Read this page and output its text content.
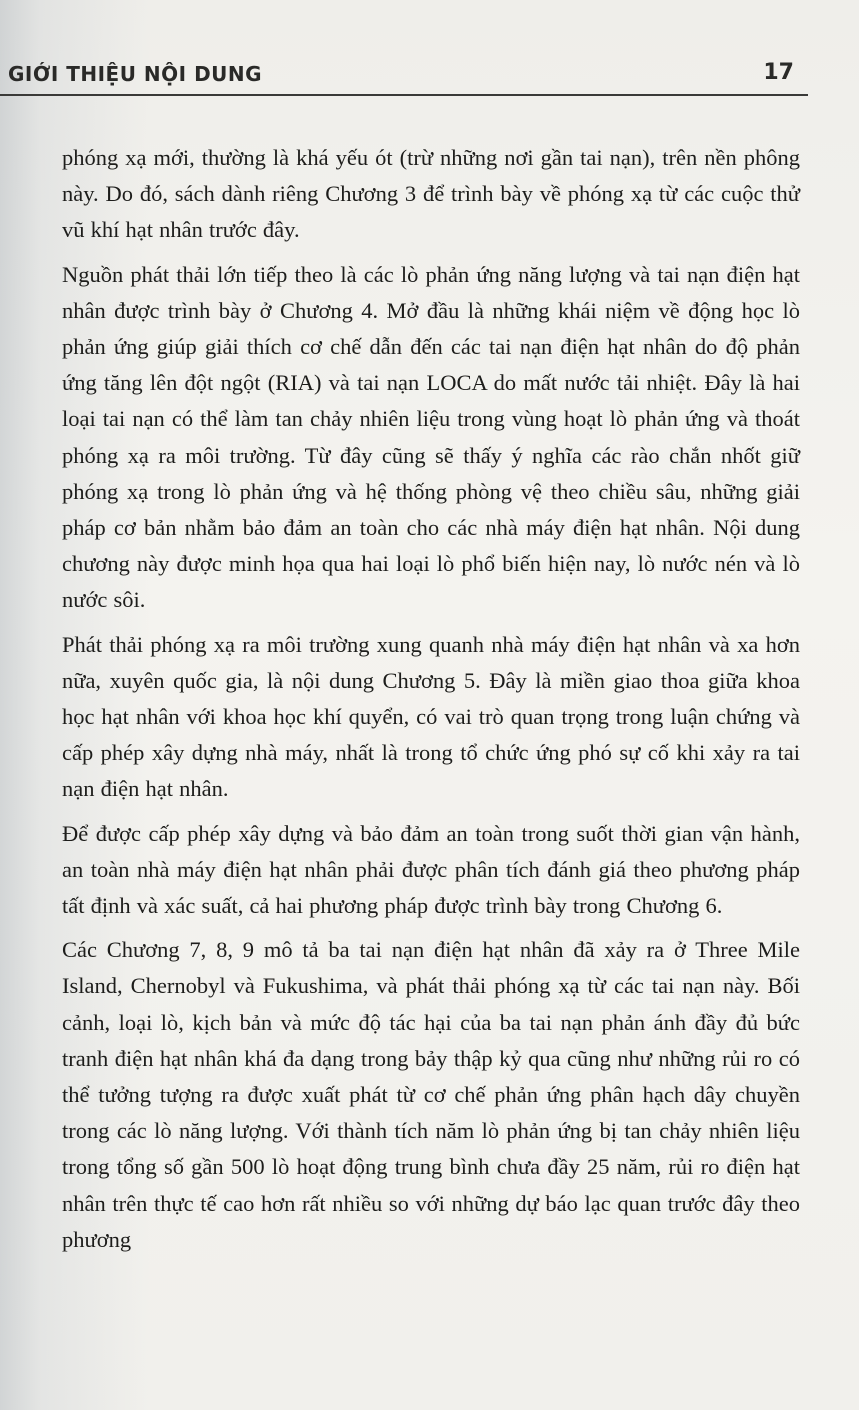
GIỚI THIỆU NỘI DUNG	17

phóng xạ mới, thường là khá yếu ót (trừ những nơi gần tai nạn), trên nền phông này. Do đó, sách dành riêng Chương 3 để trình bày về phóng xạ từ các cuộc thử vũ khí hạt nhân trước đây.

Nguồn phát thải lớn tiếp theo là các lò phản ứng năng lượng và tai nạn điện hạt nhân được trình bày ở Chương 4. Mở đầu là những khái niệm về động học lò phản ứng giúp giải thích cơ chế dẫn đến các tai nạn điện hạt nhân do độ phản ứng tăng lên đột ngột (RIA) và tai nạn LOCA do mất nước tải nhiệt. Đây là hai loại tai nạn có thể làm tan chảy nhiên liệu trong vùng hoạt lò phản ứng và thoát phóng xạ ra môi trường. Từ đây cũng sẽ thấy ý nghĩa các rào chắn nhốt giữ phóng xạ trong lò phản ứng và hệ thống phòng vệ theo chiều sâu, những giải pháp cơ bản nhằm bảo đảm an toàn cho các nhà máy điện hạt nhân. Nội dung chương này được minh họa qua hai loại lò phổ biến hiện nay, lò nước nén và lò nước sôi.

Phát thải phóng xạ ra môi trường xung quanh nhà máy điện hạt nhân và xa hơn nữa, xuyên quốc gia, là nội dung Chương 5. Đây là miền giao thoa giữa khoa học hạt nhân với khoa học khí quyển, có vai trò quan trọng trong luận chứng và cấp phép xây dựng nhà máy, nhất là trong tổ chức ứng phó sự cố khi xảy ra tai nạn điện hạt nhân.

Để được cấp phép xây dựng và bảo đảm an toàn trong suốt thời gian vận hành, an toàn nhà máy điện hạt nhân phải được phân tích đánh giá theo phương pháp tất định và xác suất, cả hai phương pháp được trình bày trong Chương 6.

Các Chương 7, 8, 9 mô tả ba tai nạn điện hạt nhân đã xảy ra ở Three Mile Island, Chernobyl và Fukushima, và phát thải phóng xạ từ các tai nạn này. Bối cảnh, loại lò, kịch bản và mức độ tác hại của ba tai nạn phản ánh đầy đủ bức tranh điện hạt nhân khá đa dạng trong bảy thập kỷ qua cũng như những rủi ro có thể tưởng tượng ra được xuất phát từ cơ chế phản ứng phân hạch dây chuyền trong các lò năng lượng. Với thành tích năm lò phản ứng bị tan chảy nhiên liệu trong tổng số gần 500 lò hoạt động trung bình chưa đầy 25 năm, rủi ro điện hạt nhân trên thực tế cao hơn rất nhiều so với những dự báo lạc quan trước đây theo phương
